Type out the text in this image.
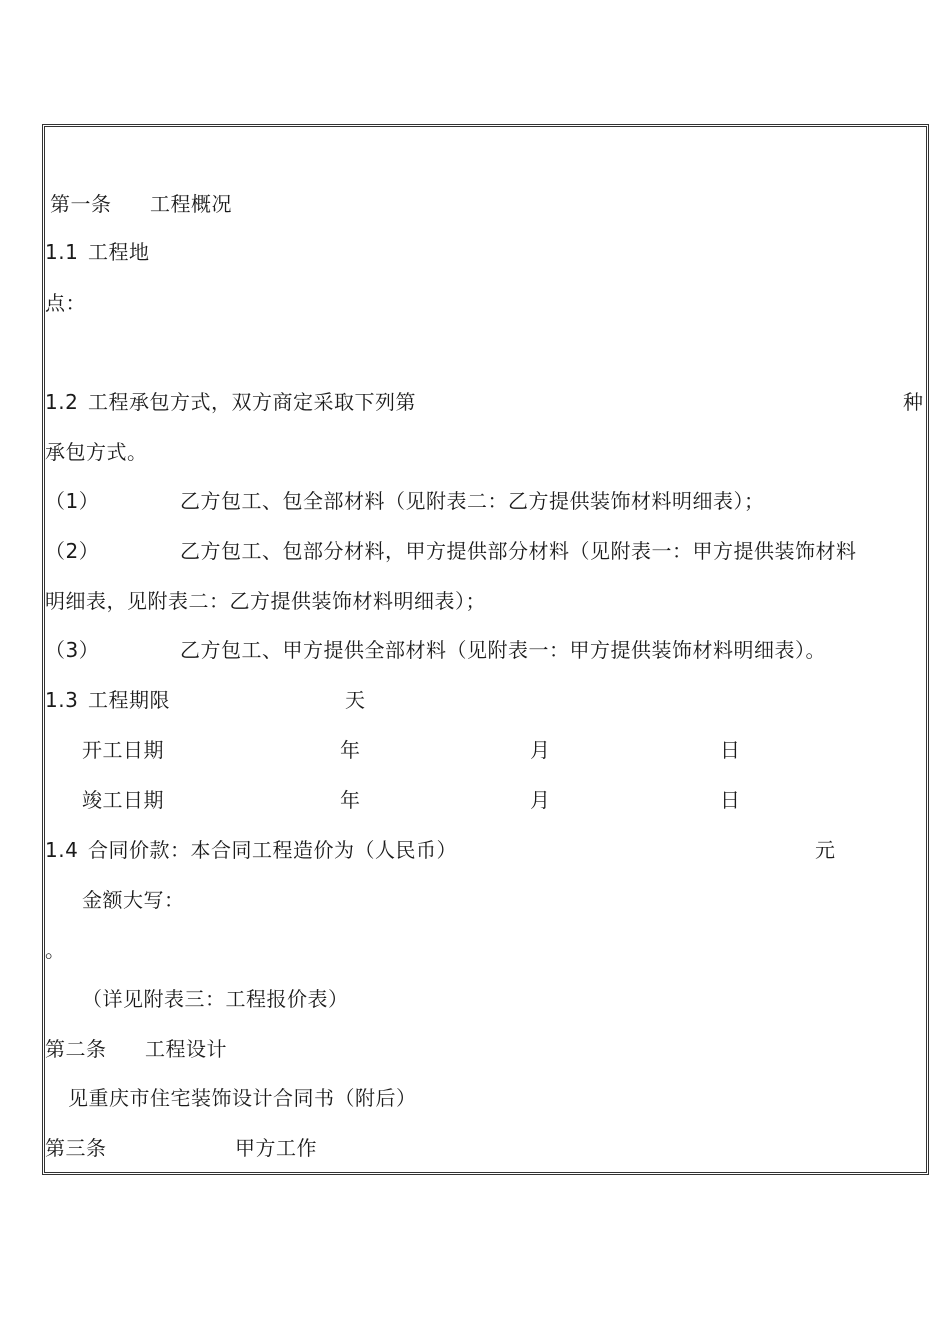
第一条 工程概况
1.1 工程地
点：
1.2 工程承包方式，双方商定采取下列第	种
承包方式。
（1）	乙方包工、包全部材料（见附表二：乙方提供装饰材料明细表）；
（2）	乙方包工、包部分材料，甲方提供部分材料（见附表一：甲方提供装饰材料
明细表，见附表二：乙方提供装饰材料明细表）；
（3）	乙方包工、甲方提供全部材料（见附表一：甲方提供装饰材料明细表）。
1.3 工程期限	天
开工日期	年	月	日
竣工日期	年	月	日
1.4 合同价款：本合同工程造价为（人民币）	元
金额大写：
。
（详见附表三：工程报价表）
第二条 工程设计
见重庆市住宅装饰设计合同书（附后）
第三条	甲方工作
